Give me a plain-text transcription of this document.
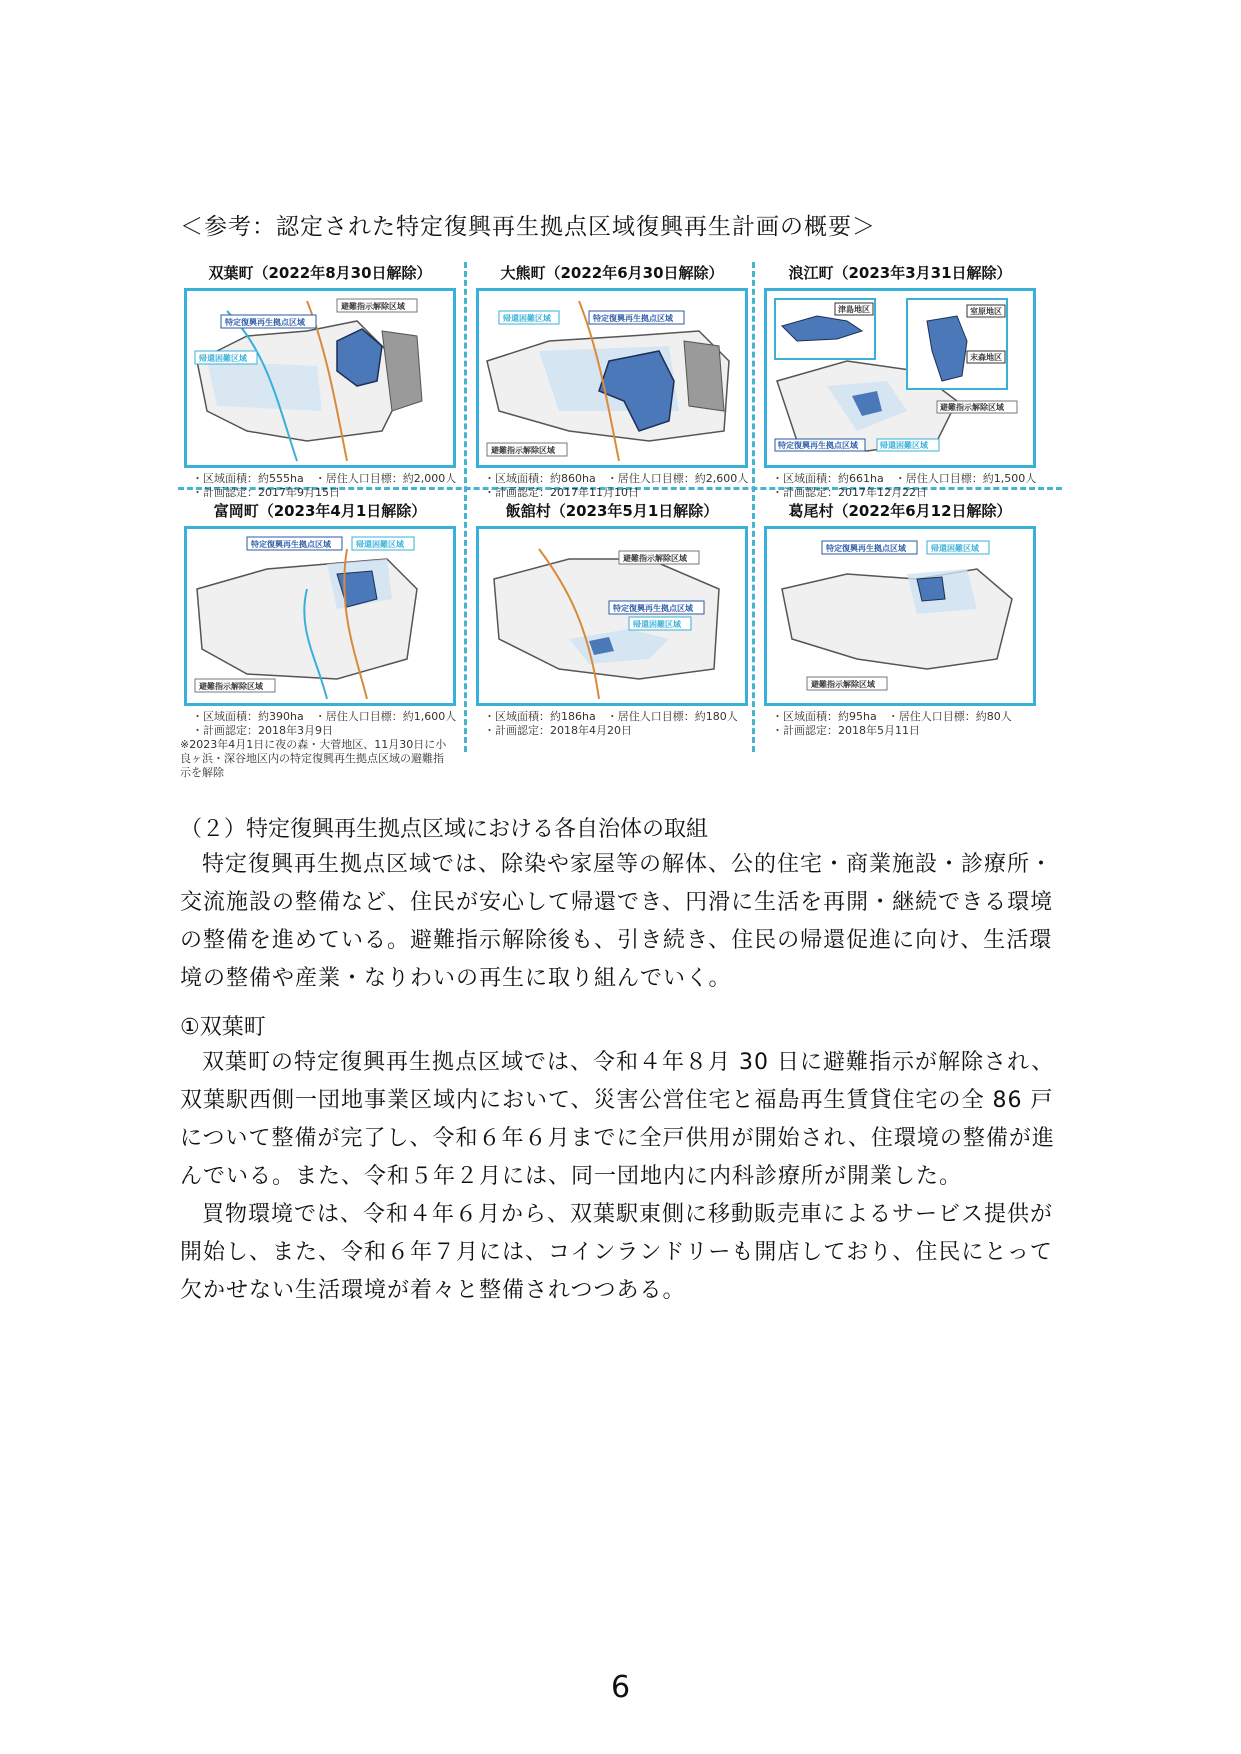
＜参考：認定された特定復興再生拠点区域復興再生計画の概要＞
双葉町（2022年8月30日解除）
特定復興再生拠点区域
避難指示解除区域
帰還困難区域
・区域面積：約555ha　・居住人口目標：約2,000人
・計画認定：2017年9月15日
大熊町（2022年6月30日解除）
帰還困難区域	特定復興再生拠点区域
避難指示解除区域
・区域面積：約860ha　・居住人口目標：約2,600人
・計画認定：2017年11月10日
浪江町（2023年3月31日解除）
津島地区	室原地区
末森地区
避難指示解除区域
特定復興再生拠点区域	帰還困難区域
・区域面積：約661ha　・居住人口目標：約1,500人
・計画認定：2017年12月22日
富岡町（2023年4月1日解除）
特定復興再生拠点区域	帰還困難区域
避難指示解除区域
・区域面積：約390ha　・居住人口目標：約1,600人
・計画認定：2018年3月9日
※2023年4月1日に夜の森・大菅地区、11月30日に小良ヶ浜・深谷地区内の特定復興再生拠点区域の避難指示を解除
飯舘村（2023年5月1日解除）
避難指示解除区域
特定復興再生拠点区域
帰還困難区域
・区域面積：約186ha　・居住人口目標：約180人
・計画認定：2018年4月20日
葛尾村（2022年6月12日解除）
特定復興再生拠点区域	帰還困難区域
避難指示解除区域
・区域面積：約95ha　・居住人口目標：約80人
・計画認定：2018年5月11日
（２）特定復興再生拠点区域における各自治体の取組

特定復興再生拠点区域では、除染や家屋等の解体、公的住宅・商業施設・診療所・交流施設の整備など、住民が安心して帰還でき、円滑に生活を再開・継続できる環境の整備を進めている。避難指示解除後も、引き続き、住民の帰還促進に向け、生活環境の整備や産業・なりわいの再生に取り組んでいく。

①双葉町

双葉町の特定復興再生拠点区域では、令和４年８月 30 日に避難指示が解除され、双葉駅西側一団地事業区域内において、災害公営住宅と福島再生賃貸住宅の全 86 戸について整備が完了し、令和６年６月までに全戸供用が開始され、住環境の整備が進んでいる。また、令和５年２月には、同一団地内に内科診療所が開業した。

買物環境では、令和４年６月から、双葉駅東側に移動販売車によるサービス提供が開始し、また、令和６年７月には、コインランドリーも開店しており、住民にとって欠かせない生活環境が着々と整備されつつある。

6
